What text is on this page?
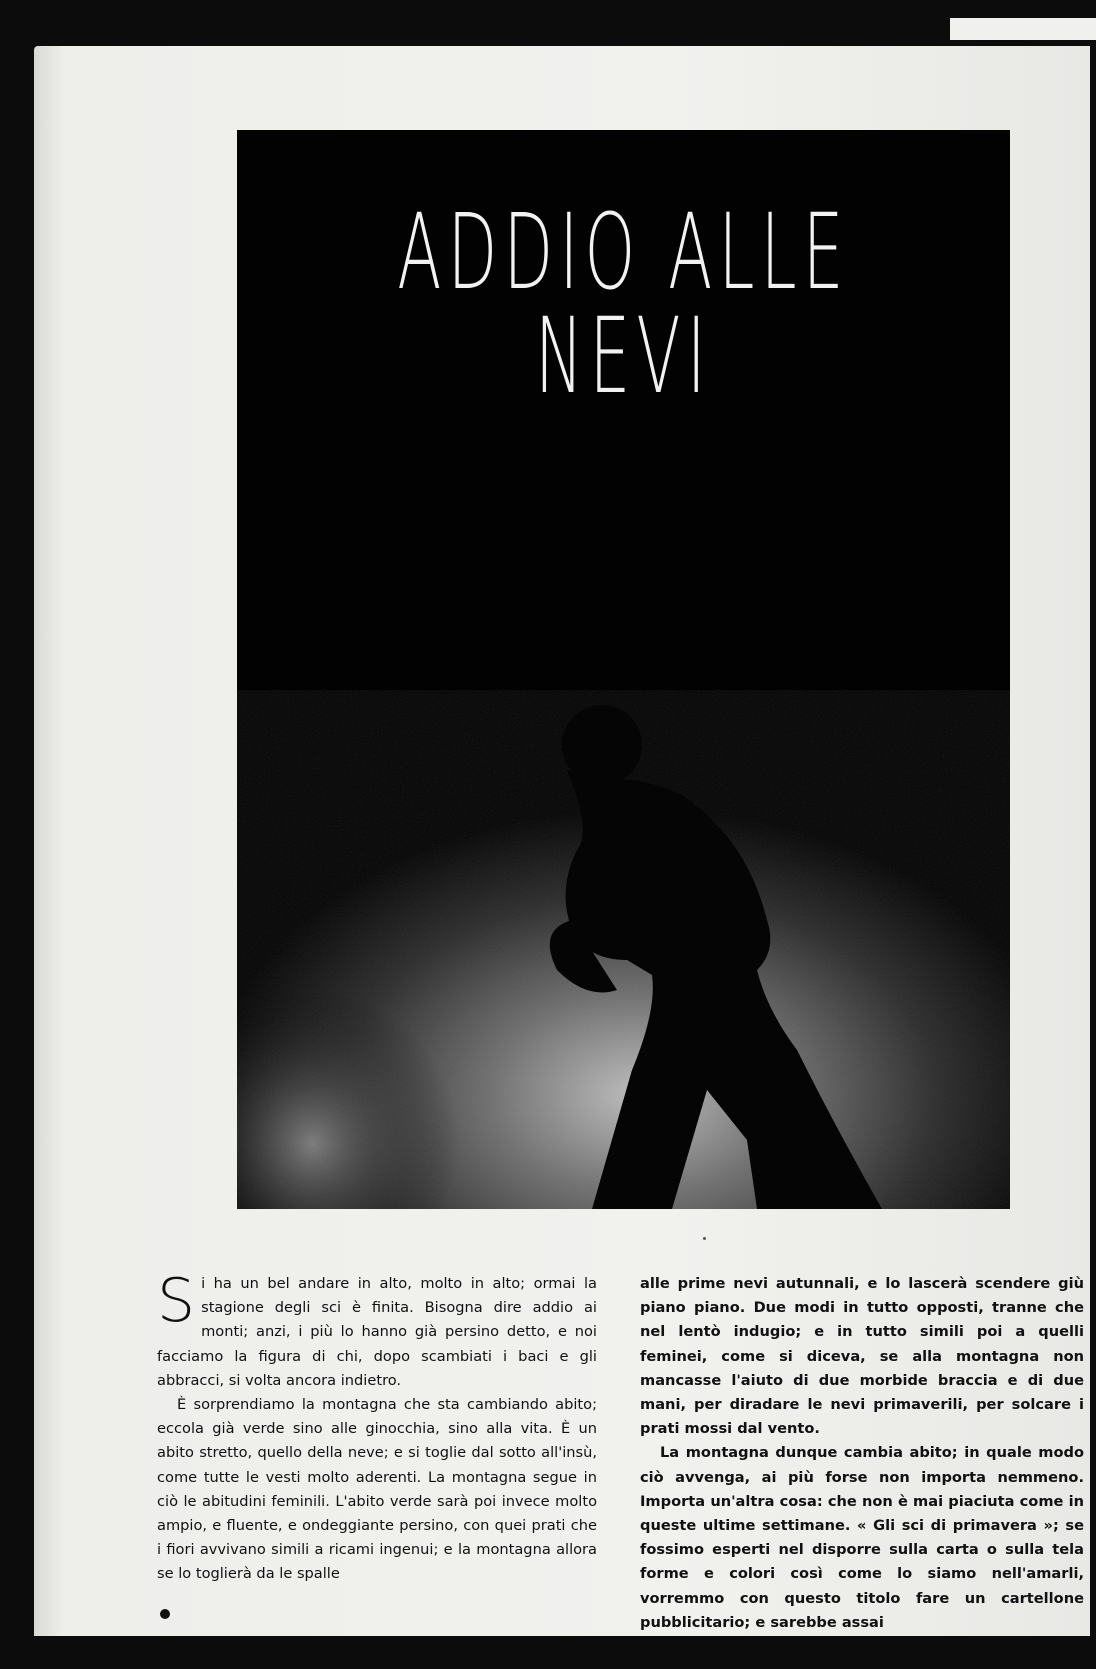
ADDIO ALLE NEVI

Si ha un bel andare in alto, molto in alto; ormai la stagione degli sci è finita. Bisogna dire addio ai monti; anzi, i più lo hanno già persino detto, e noi facciamo la figura di chi, dopo scambiati i baci e gli abbracci, si volta ancora indietro.

È sorprendiamo la montagna che sta cambiando abito; eccola già verde sino alle ginocchia, sino alla vita. È un abito stretto, quello della neve; e si toglie dal sotto all'insù, come tutte le vesti molto aderenti. La montagna segue in ciò le abitudini feminili. L'abito verde sarà poi invece molto ampio, e fluente, e ondeggiante persino, con quei prati che i fiori avvivano simili a ricami ingenui; e la montagna allora se lo toglierà da le spalle

alle prime nevi autunnali, e lo lascerà scendere giù piano piano. Due modi in tutto opposti, tranne che nel lentò indugio; e in tutto simili poi a quelli feminei, come si diceva, se alla montagna non mancasse l'aiuto di due morbide braccia e di due mani, per diradare le nevi primaverili, per solcare i prati mossi dal vento.

La montagna dunque cambia abito; in quale modo ciò avvenga, ai più forse non importa nemmeno. Importa un'altra cosa: che non è mai piaciuta come in queste ultime settimane. « Gli sci di primavera »; se fossimo esperti nel disporre sulla carta o sulla tela forme e colori così come lo siamo nell'amarli, vorremmo con questo titolo fare un cartellone pubblicitario; e sarebbe assai
